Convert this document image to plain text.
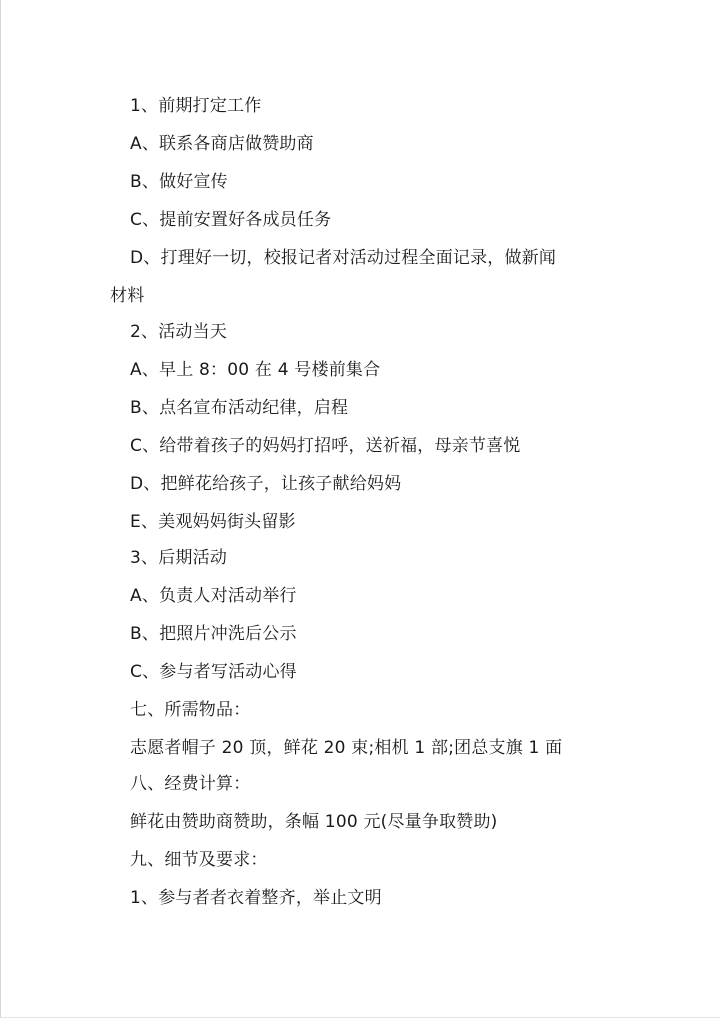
1、前期打定工作
A、联系各商店做赞助商
B、做好宣传
C、提前安置好各成员任务
D、打理好一切，校报记者对活动过程全面记录，做新闻
材料
2、活动当天
A、早上 8：00 在 4 号楼前集合
B、点名宣布活动纪律，启程
C、给带着孩子的妈妈打招呼，送祈福，母亲节喜悦
D、把鲜花给孩子，让孩子献给妈妈
E、美观妈妈街头留影
3、后期活动
A、负责人对活动举行
B、把照片冲洗后公示
C、参与者写活动心得
七、所需物品：
志愿者帽子 20 顶，鲜花 20 束;相机 1 部;团总支旗 1 面
八、经费计算：
鲜花由赞助商赞助，条幅 100 元(尽量争取赞助)
九、细节及要求：
1、参与者者衣着整齐，举止文明
